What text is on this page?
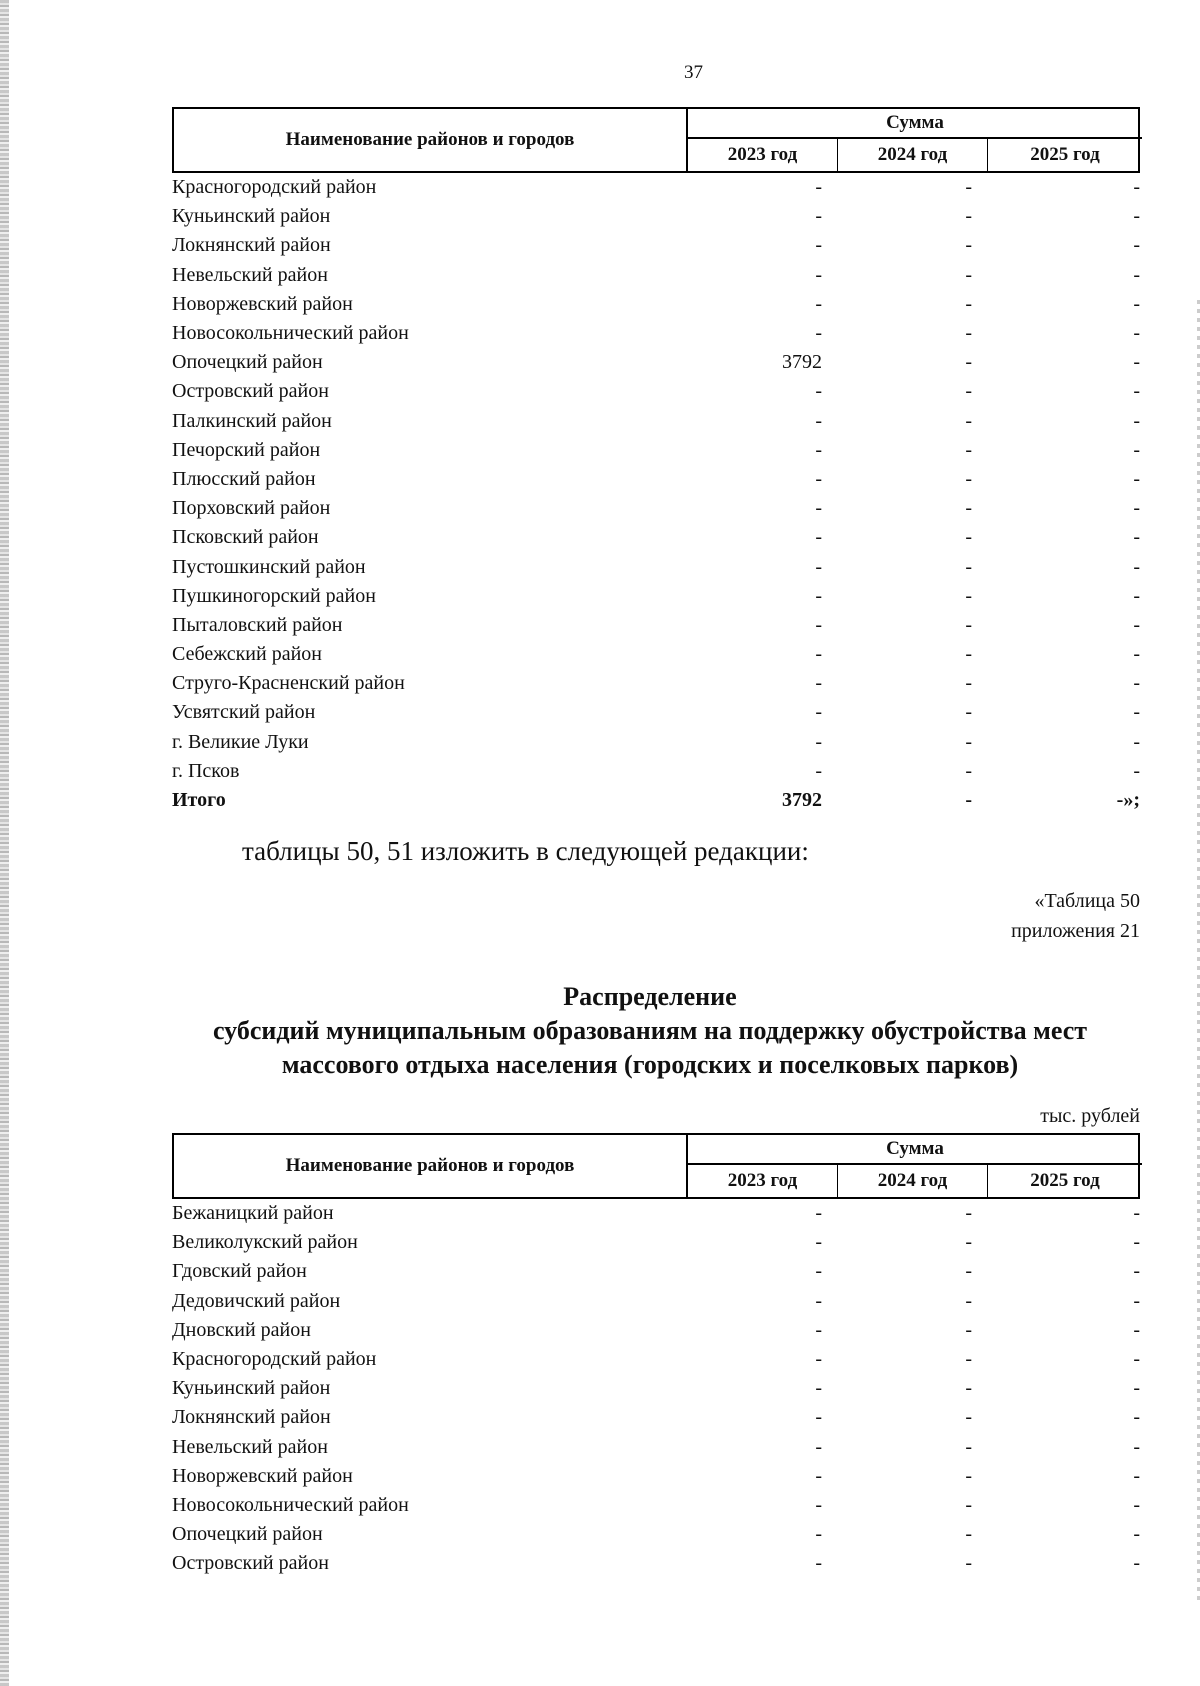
37
Наименование районов и городов
Сумма
2023 год	2024 год	2025 год
Красногородский район	-	-	-
Куньинский район	-	-	-
Локнянский район	-	-	-
Невельский район	-	-	-
Новоржевский район	-	-	-
Новосокольнический район	-	-	-
Опочецкий район	3792	-	-
Островский район	-	-	-
Палкинский район	-	-	-
Печорский район	-	-	-
Плюсский район	-	-	-
Порховский район	-	-	-
Псковский район	-	-	-
Пустошкинский район	-	-	-
Пушкиногорский район	-	-	-
Пыталовский район	-	-	-
Себежский район	-	-	-
Струго-Красненский район	-	-	-
Усвятский район	-	-	-
г. Великие Луки	-	-	-
г. Псков	-	-	-
Итого	3792	-	-»;
таблицы 50, 51 изложить в следующей редакции:
«Таблица 50
приложения 21
Распределение
субсидий муниципальным образованиям на поддержку обустройства мест
массового отдыха населения (городских и поселковых парков)
тыс. рублей
Наименование районов и городов
Сумма
2023 год	2024 год	2025 год
Бежаницкий район	-	-	-
Великолукский район	-	-	-
Гдовский район	-	-	-
Дедовичский район	-	-	-
Дновский район	-	-	-
Красногородский район	-	-	-
Куньинский район	-	-	-
Локнянский район	-	-	-
Невельский район	-	-	-
Новоржевский район	-	-	-
Новосокольнический район	-	-	-
Опочецкий район	-	-	-
Островский район	-	-	-
